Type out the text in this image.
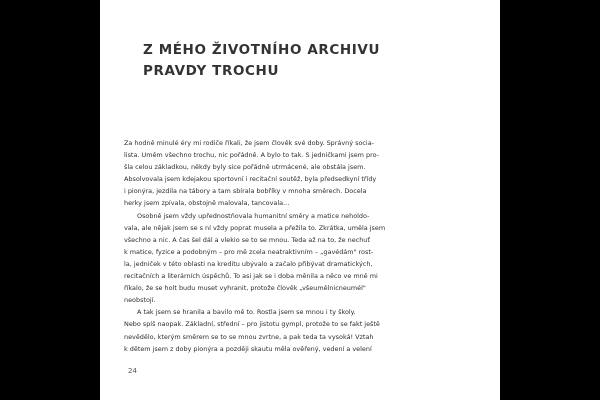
Z MÉHO ŽIVOTNÍHO ARCHIVU
PRAVDY TROCHU

Za hodně minulé éry mi rodiče říkali, že jsem člověk své doby. Správný socia-
lista. Uměm všechno trochu, nic pořádně. A bylo to tak. S jedničkami jsem pro-
šla celou základkou, někdy byly sice pořádně utrmácené, ale obstála jsem.
Absolvovala jsem kdejakou sportovní i recitační soutěž, byla předsedkyní třídy
i pionýra, jezdila na tábory a tam sbírala bobříky v mnoha směrech. Docela
herky jsem zpívala, obstojně malovala, tancovala…

Osobně jsem vždy upřednostňovala humanitní směry a matice neholdo-
vala, ale nějak jsem se s ní vždy poprat musela a přežila to. Zkrátka, uměla jsem
všechno a nic. A čas šel dál a vlekio se to se mnou. Teda až na to, že nechuť
k matice, fyzice a podobným – pro mě zcela neatraktivním – „gavédám" rost-
la, jedniček v této oblasti na kreditu ubývalo a začalo přibývat dramatických,
recitačních a literárních úspěchů. To asi jak se i doba měnila a něco ve mně mi
říkalo, že se holt budu muset vyhranit, protože člověk „všeumělnicneumél"
neobstojí.

A tak jsem se hranila a bavilo mě to. Rostla jsem se mnou i ty školy.
Nebo spíš naopak. Základní, střední – pro jistotu gympl, protože to se fakt ještě
nevědělo, kterým směrem se to se mnou zvrtne, a pak teda ta vysoká! Vztah
k dětem jsem z doby pionýra a později skautu měla ověřený, vedení a velení

24
